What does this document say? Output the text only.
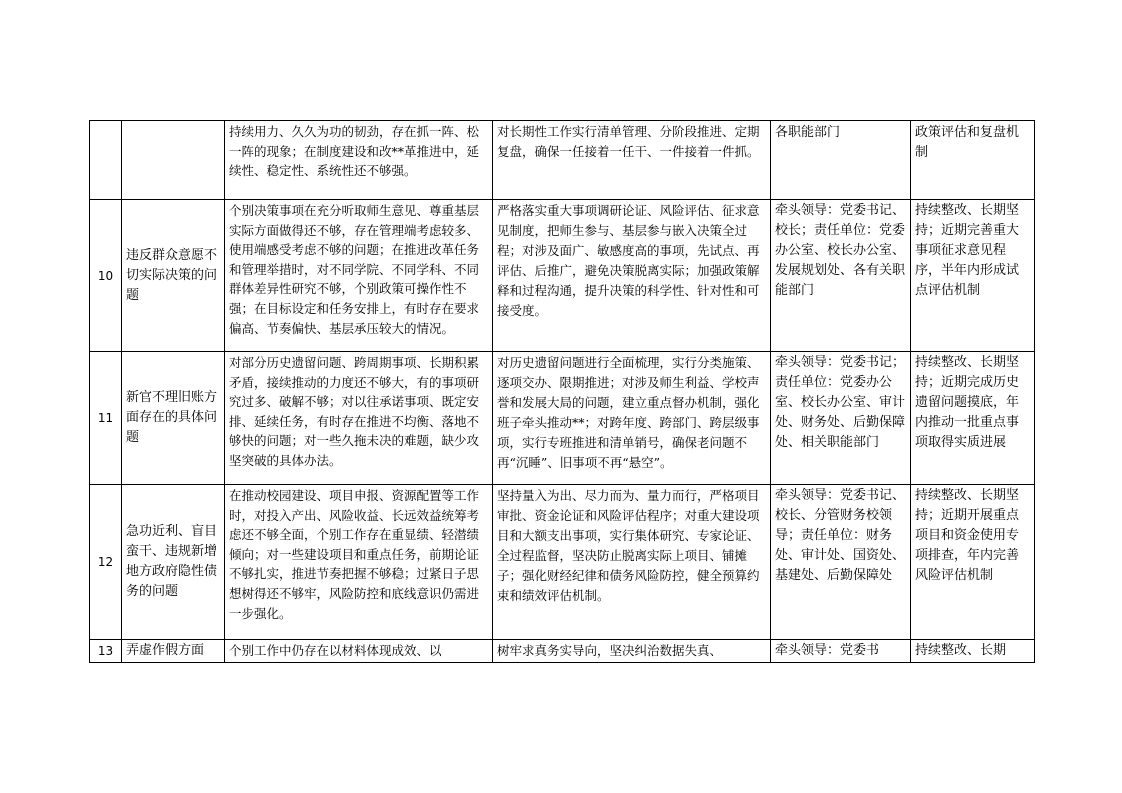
		持续用力、久久为功的韧劲，存在抓一阵、松一阵的现象；在制度建设和改**革推进中，延续性、稳定性、系统性还不够强。	对长期性工作实行清单管理、分阶段推进、定期复盘，确保一任接着一任干、一件接着一件抓。	各职能部门	政策评估和复盘机制
10	违反群众意愿不切实际决策的问题	个别决策事项在充分听取师生意见、尊重基层实际方面做得还不够，存在管理端考虑较多、使用端感受考虑不够的问题；在推进改革任务和管理举措时，对不同学院、不同学科、不同群体差异性研究不够，个别政策可操作性不强；在目标设定和任务安排上，有时存在要求偏高、节奏偏快、基层承压较大的情况。	严格落实重大事项调研论证、风险评估、征求意见制度，把师生参与、基层参与嵌入决策全过程；对涉及面广、敏感度高的事项，先试点、再评估、后推广，避免决策脱离实际；加强政策解释和过程沟通，提升决策的科学性、针对性和可接受度。	牵头领导：党委书记、校长；责任单位：党委办公室、校长办公室、发展规划处、各有关职能部门	持续整改、长期坚持；近期完善重大事项征求意见程序，半年内形成试点评估机制
11	新官不理旧账方面存在的具体问题	对部分历史遗留问题、跨周期事项、长期积累矛盾，接续推动的力度还不够大，有的事项研究过多、破解不够；对以往承诺事项、既定安排、延续任务，有时存在推进不均衡、落地不够快的问题；对一些久拖未决的难题，缺少攻坚突破的具体办法。	对历史遗留问题进行全面梳理，实行分类施策、逐项交办、限期推进；对涉及师生利益、学校声誉和发展大局的问题，建立重点督办机制，强化班子牵头推动**；对跨年度、跨部门、跨层级事项，实行专班推进和清单销号，确保老问题不再“沉睡”、旧事项不再“悬空”。	牵头领导：党委书记；责任单位：党委办公室、校长办公室、审计处、财务处、后勤保障处、相关职能部门	持续整改、长期坚持；近期完成历史遗留问题摸底，年内推动一批重点事项取得实质进展
12	急功近利、盲目蛮干、违规新增地方政府隐性债务的问题	在推动校园建设、项目申报、资源配置等工作时，对投入产出、风险收益、长远效益统筹考虑还不够全面，个别工作存在重显绩、轻潜绩倾向；对一些建设项目和重点任务，前期论证不够扎实，推进节奏把握不够稳；过紧日子思想树得还不够牢，风险防控和底线意识仍需进一步强化。	坚持量入为出、尽力而为、量力而行，严格项目审批、资金论证和风险评估程序；对重大建设项目和大额支出事项，实行集体研究、专家论证、全过程监督，坚决防止脱离实际上项目、铺摊子；强化财经纪律和债务风险防控，健全预算约束和绩效评估机制。	牵头领导：党委书记、校长、分管财务校领导；责任单位：财务处、审计处、国资处、基建处、后勤保障处	持续整改、长期坚持；近期开展重点项目和资金使用专项排查，年内完善风险评估机制
13	弄虚作假方面	个别工作中仍存在以材料体现成效、以	树牢求真务实导向，坚决纠治数据失真、	牵头领导：党委书	持续整改、长期
